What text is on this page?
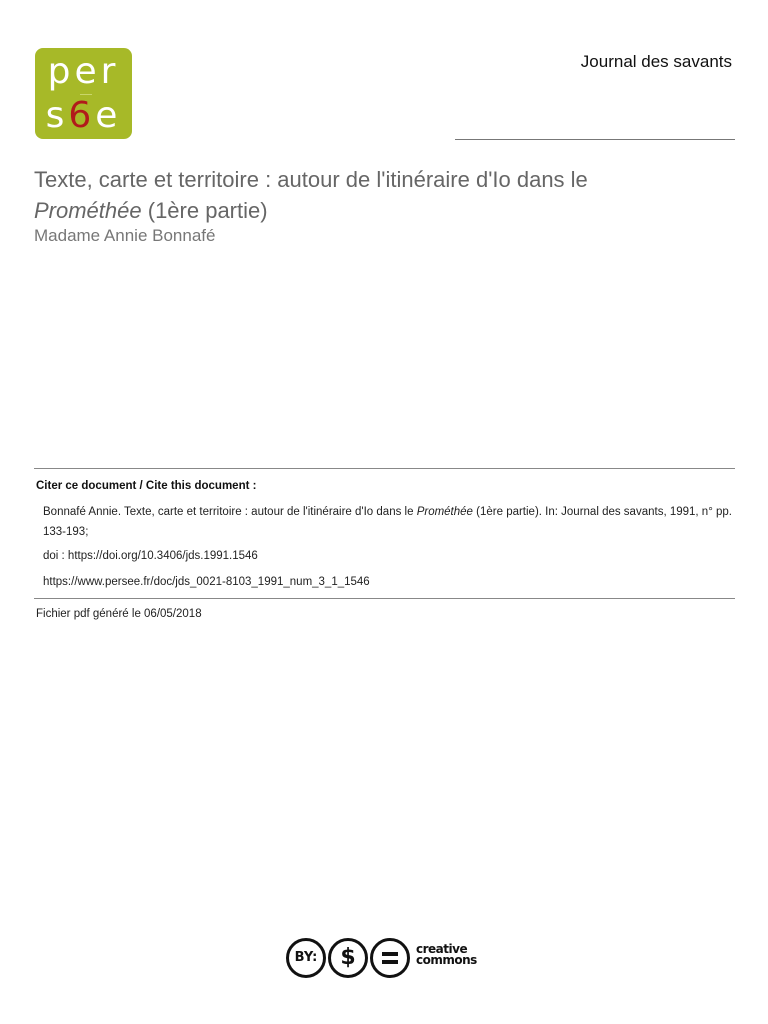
per
s6e
Journal des savants
Texte, carte et territoire : autour de l'itinéraire d'Io dans le
Prométhée (1ère partie)
Madame Annie Bonnafé
Citer ce document / Cite this document :
Bonnafé Annie. Texte, carte et territoire : autour de l'itinéraire d'Io dans le Prométhée (1ère partie). In: Journal des savants, 1991, n° pp. 133-193;
doi : https://doi.org/10.3406/jds.1991.1546
https://www.persee.fr/doc/jds_0021-8103_1991_num_3_1_1546
Fichier pdf généré le 06/05/2018
BY:	$	creative
commons
